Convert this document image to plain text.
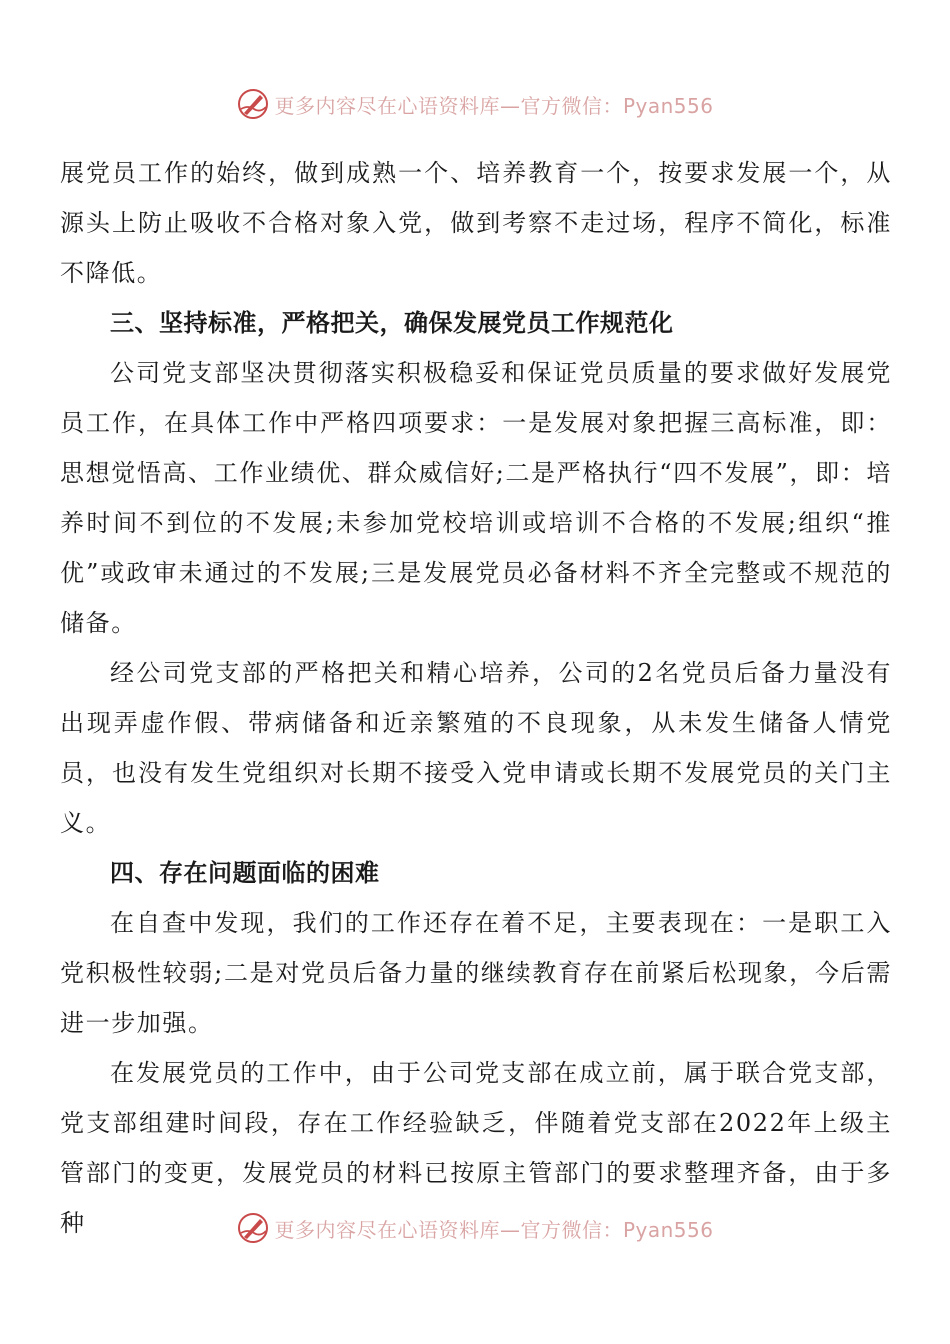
更多内容尽在心语资料库—官方微信：Pyan556

展党员工作的始终，做到成熟一个、培养教育一个，按要求发展一个，从源头上防止吸收不合格对象入党，做到考察不走过场，程序不简化，标准不降低。

三、坚持标准，严格把关，确保发展党员工作规范化

公司党支部坚决贯彻落实积极稳妥和保证党员质量的要求做好发展党员工作，在具体工作中严格四项要求：一是发展对象把握三高标准，即：思想觉悟高、工作业绩优、群众威信好;二是严格执行“四不发展”，即：培养时间不到位的不发展;未参加党校培训或培训不合格的不发展;组织“推优”或政审未通过的不发展;三是发展党员必备材料不齐全完整或不规范的储备。

经公司党支部的严格把关和精心培养，公司的2名党员后备力量没有出现弄虚作假、带病储备和近亲繁殖的不良现象，从未发生储备人情党员，也没有发生党组织对长期不接受入党申请或长期不发展党员的关门主义。

四、存在问题面临的困难

在自查中发现，我们的工作还存在着不足，主要表现在：一是职工入党积极性较弱;二是对党员后备力量的继续教育存在前紧后松现象，今后需进一步加强。

在发展党员的工作中，由于公司党支部在成立前，属于联合党支部，党支部组建时间段，存在工作经验缺乏，伴随着党支部在2022年上级主管部门的变更，发展党员的材料已按原主管部门的要求整理齐备，由于多种	更多内容尽在心语资料库—官方微信：Pyan556
